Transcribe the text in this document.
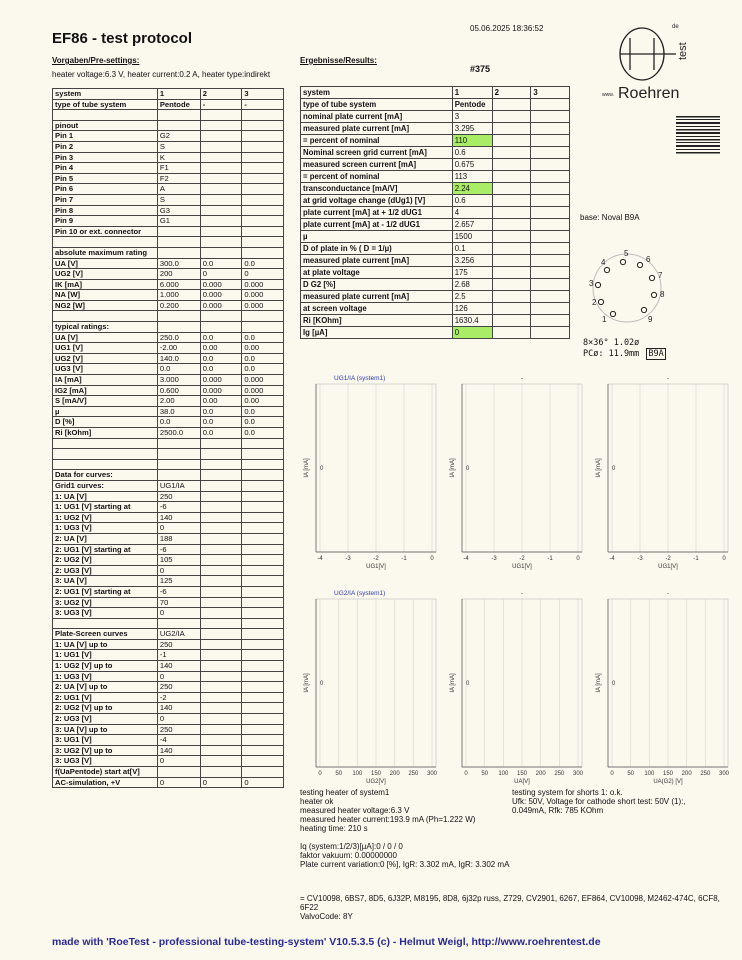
EF86 - test protocol
05.06.2025 18:36:52
Vorgaben/Pre-settings:	Ergebnisse/Results:
heater voltage:6.3 V, heater current:0.2 A, heater type:indirekt
#375
www. Roehren
test
de
base: Noval B9A
1
2
3
4
5
6
7
8
9
8×36° 1.02ø
PCø: 11.9mm B9A
system	1	2	3
type of tube system	Pentode	-	-

pinout			
Pin 1	G2		
Pin 2	S		
Pin 3	K		
Pin 4	F1		
Pin 5	F2		
Pin 6	A		
Pin 7	S		
Pin 8	G3		
Pin 9	G1		
Pin 10 or ext. connector			

absolute maximum rating			
UA [V]	300.0	0.0	0.0
UG2 [V]	200	0	0
IK [mA]	6.000	0.000	0.000
NA [W]	1.000	0.000	0.000
NG2 [W]	0.200	0.000	0.000

typical ratings:			
UA [V]	250.0	0.0	0.0
UG1 [V]	-2.00	0.00	0.00
UG2 [V]	140.0	0.0	0.0
UG3 [V]	0.0	0.0	0.0
IA [mA]	3.000	0.000	0.000
IG2 [mA]	0.600	0.000	0.000
S [mA/V]	2.00	0.00	0.00
µ	38.0	0.0	0.0
D [%]	0.0	0.0	0.0
Ri [kOhm]	2500.0	0.0	0.0

Data for curves:			
Grid1 curves:	UG1/IA		
1: UA [V]	250		
1: UG1 [V] starting at	-6		
1: UG2 [V]	140		
1: UG3 [V]	0		
2: UA [V]	188		
2: UG1 [V] starting at	-6		
2: UG2 [V]	105		
2: UG3 [V]	0		
3: UA [V]	125		
2: UG1 [V] starting at	-6		
3: UG2 [V]	70		
3: UG3 [V]	0		

Plate-Screen curves	UG2/IA		
1: UA [V] up to	250		
1: UG1 [V]	-1		
1: UG2 [V] up to	140		
1: UG3 [V]	0		
2: UA [V] up to	250		
2: UG1 [V]	-2		
2: UG2 [V] up to	140		
2: UG3 [V]	0		
3: UA [V] up to	250		
3: UG1 [V]	-4		
3: UG2 [V] up to	140		
3: UG3 [V]	0		
f(UaPentode) start at[V]			
AC-simulation, +V	0	0	0
system	1	2	3
type of tube system	Pentode		
nominal plate current [mA]	3		
measured plate current [mA]	3.295		
= percent of nominal	110		
Nominal screen grid current [mA]	0.6		
measured screen current [mA]	0.675		
= percent of nominal	113		
transconductance [mA/V]	2.24		
at grid voltage change (dUg1) [V]	0.6		
plate current [mA] at + 1/2 dUG1	4		
plate current [mA] at - 1/2 dUG1	2.657		
µ	1500		
D of plate in % ( D = 1/µ)	0.1		
measured plate current [mA]	3.256		
at plate voltage	175		
D G2 [%]	2.68		
measured plate current [mA]	2.5		
at screen voltage	126		
Ri [KOhm]	1630.4		
Ig [µA]	0		
-4	-3	-2	-1	0
UG1/IA (system1)
UG1[V]
IA [mA] 0
-4	-3	-2	-1	0
-
UG1[V]
IA [mA] 0
-4	-3	-2	-1	0
-
UG1[V]
IA [mA] 0
0 50 100 150 200 250 300
UG2/IA (system1)
UG2[V]
IA [mA] 0
0 50 100 150 200 250 300
-
UA[V]
IA [mA] 0
0 50 100 150 200 250 300
-
UA(G2) [V]
IA [mA] 0
testing heater of system1
heater ok
measured heater voltage:6.3 V
measured heater current:193.9 mA (Ph=1.222 W)
heating time: 210 s
testing system for shorts 1: o.k.
Ufk: 50V, Voltage for cathode short test: 50V (1):,
0.049mA, Rfk: 785 KOhm
Iq (system:1/2/3)[µA]:0 / 0 / 0
faktor vakuum: 0.00000000
Plate current variation:0 [%], IgR: 3.302 mA, IgR: 3.302 mA
= CV10098, 6BS7, 8D5, 6J32P, M8195, 8D8, 6j32p russ, Z729, CV2901, 6267, EF864, CV10098, M2462-474C, 6CF8, 6F22
ValvoCode: 8Y
made with 'RoeTest - professional tube-testing-system' V10.5.3.5 (c) - Helmut Weigl, http://www.roehrentest.de
